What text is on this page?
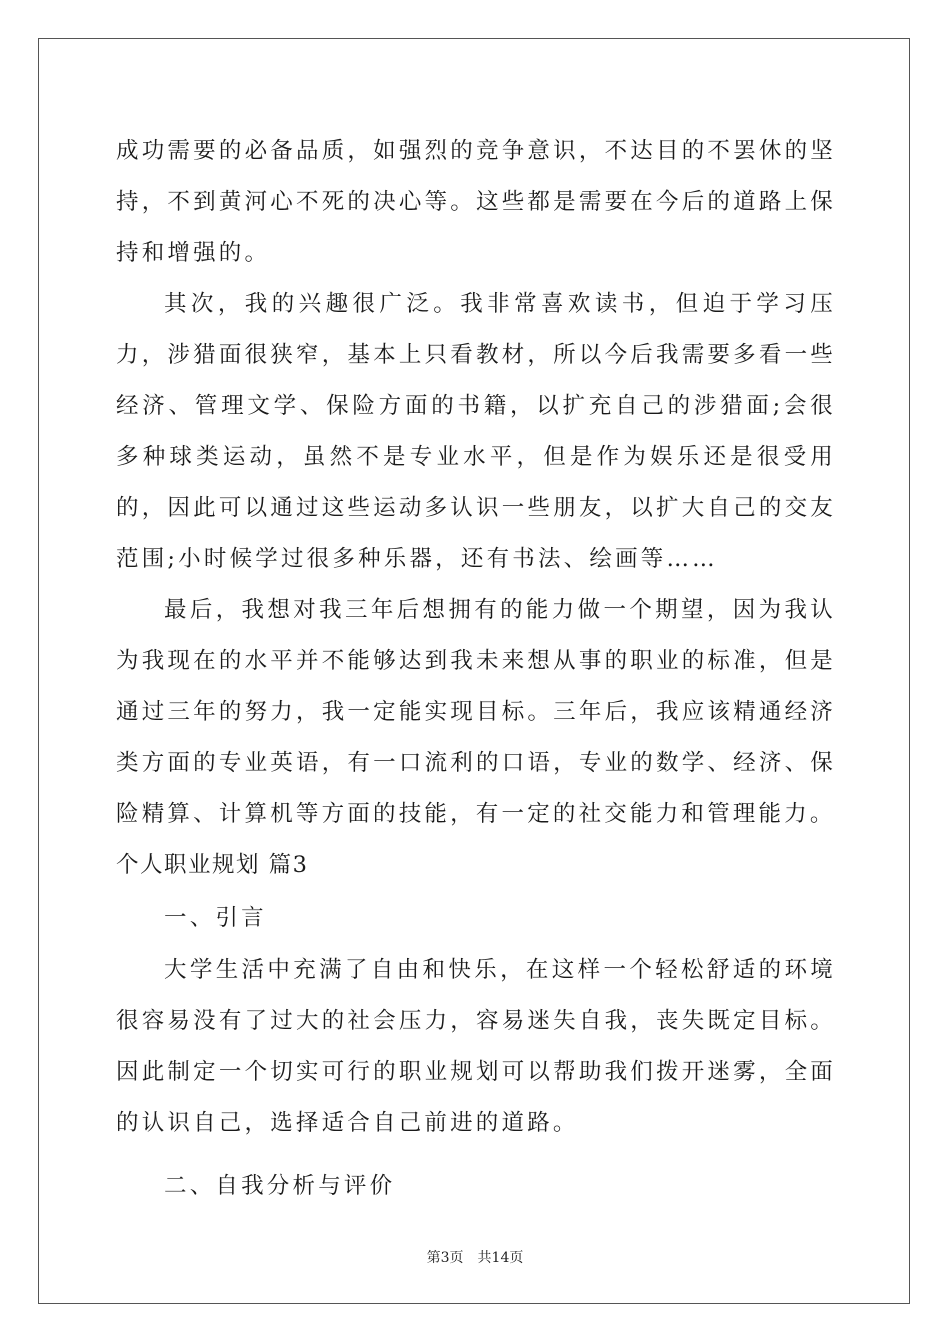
成功需要的必备品质，如强烈的竞争意识，不达目的不罢休的坚持，不到黄河心不死的决心等。这些都是需要在今后的道路上保持和增强的。

其次，我的兴趣很广泛。我非常喜欢读书，但迫于学习压力，涉猎面很狭窄，基本上只看教材，所以今后我需要多看一些经济、管理文学、保险方面的书籍，以扩充自己的涉猎面;会很多种球类运动，虽然不是专业水平，但是作为娱乐还是很受用的，因此可以通过这些运动多认识一些朋友，以扩大自己的交友范围;小时候学过很多种乐器，还有书法、绘画等……

最后，我想对我三年后想拥有的能力做一个期望，因为我认为我现在的水平并不能够达到我未来想从事的职业的标准，但是通过三年的努力，我一定能实现目标。三年后，我应该精通经济类方面的专业英语，有一口流利的口语，专业的数学、经济、保险精算、计算机等方面的技能，有一定的社交能力和管理能力。

个人职业规划 篇3

一、引言

大学生活中充满了自由和快乐，在这样一个轻松舒适的环境很容易没有了过大的社会压力，容易迷失自我，丧失既定目标。因此制定一个切实可行的职业规划可以帮助我们拨开迷雾，全面的认识自己，选择适合自己前进的道路。

二、自我分析与评价

第3页　共14页
